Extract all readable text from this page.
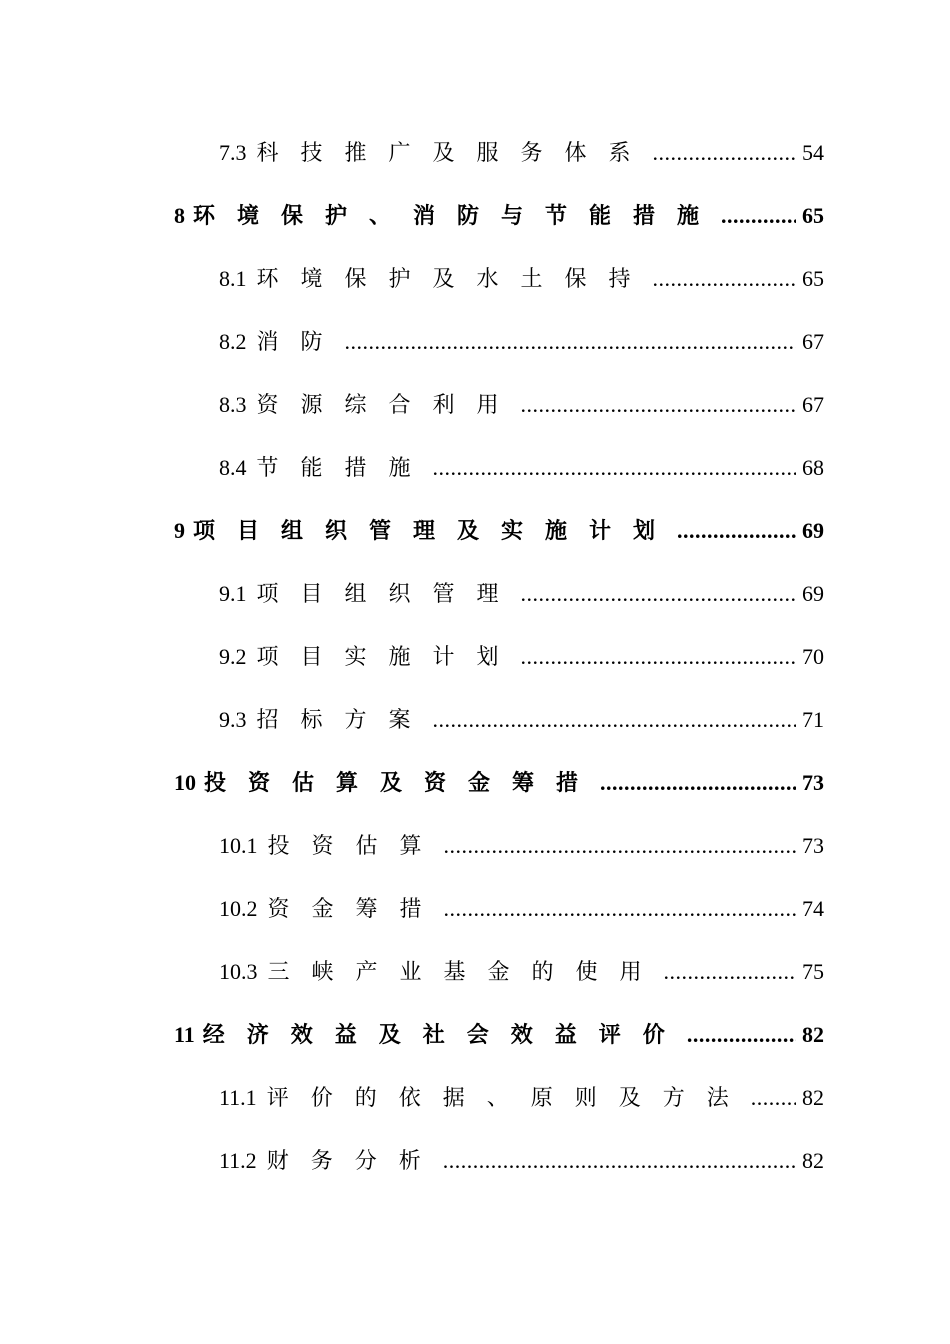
7.3 科技推广及服务体系 .....	54
8 环境保护、消防与节能措施 .....	65
8.1 环境保护及水土保持 .....	65
8.2 消防 .....	67
8.3 资源综合利用 .....	67
8.4 节能措施 .....	68
9 项目组织管理及实施计划 .....	69
9.1 项目组织管理 .....	69
9.2 项目实施计划 .....	70
9.3 招标方案 .....	71
10 投资估算及资金筹措 .....	73
10.1 投资估算 .....	73
10.2 资金筹措 .....	74
10.3 三峡产业基金的使用 .....	75
11 经济效益及社会效益评价 .....	82
11.1 评价的依据、原则及方法 ..... 82
11.2 财务分析 .....	82
